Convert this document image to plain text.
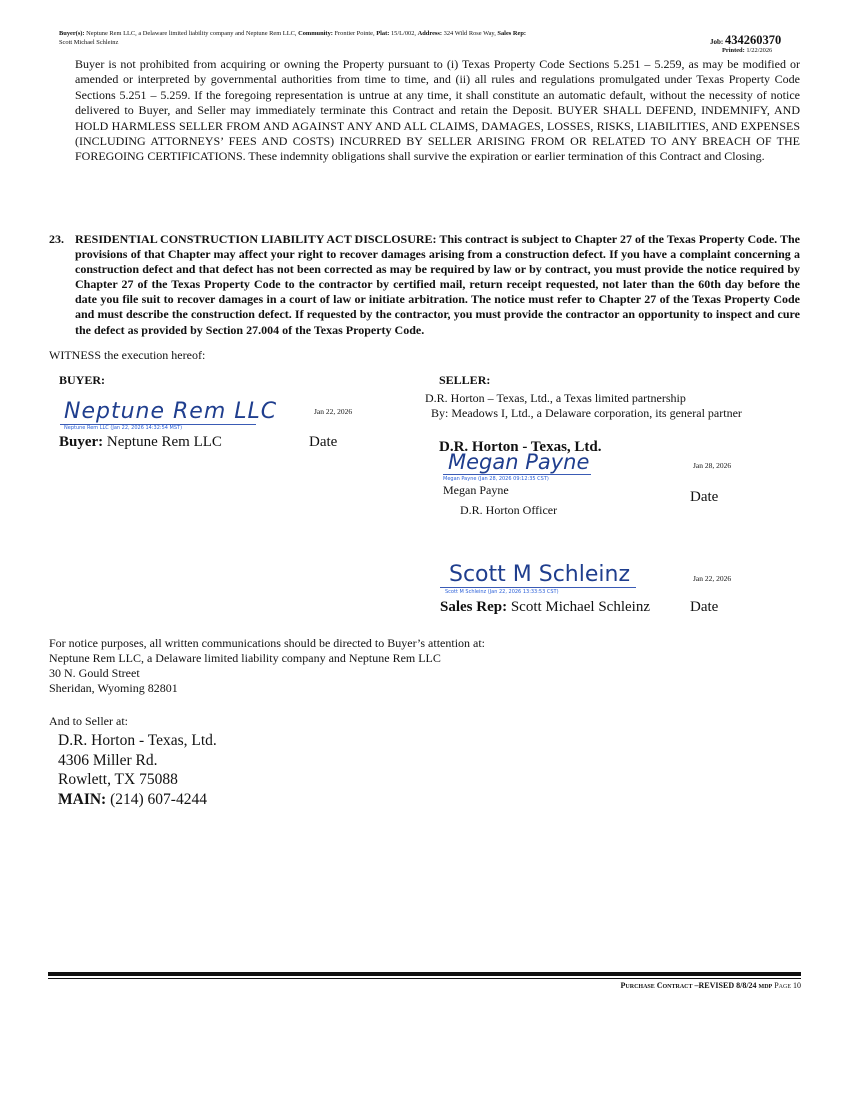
Buyer(s): Neptune Rem LLC, a Delaware limited liability company and Neptune Rem LLC, Community: Frontier Pointe, Plat: 15/L/002, Address: 324 Wild Rose Way, Sales Rep:
Scott Michael Schleinz	Job: 434260370
Printed: 1/22/2026
Buyer is not prohibited from acquiring or owning the Property pursuant to (i) Texas Property Code Sections 5.251 – 5.259, as may be modified or amended or interpreted by governmental authorities from time to time, and (ii) all rules and regulations promulgated under Texas Property Code Sections 5.251 – 5.259. If the foregoing representation is untrue at any time, it shall constitute an automatic default, without the necessity of notice delivered to Buyer, and Seller may immediately terminate this Contract and retain the Deposit. BUYER SHALL DEFEND, INDEMNIFY, AND HOLD HARMLESS SELLER FROM AND AGAINST ANY AND ALL CLAIMS, DAMAGES, LOSSES, RISKS, LIABILITIES, AND EXPENSES (INCLUDING ATTORNEYS’ FEES AND COSTS) INCURRED BY SELLER ARISING FROM OR RELATED TO ANY BREACH OF THE FOREGOING CERTIFICATIONS. These indemnity obligations shall survive the expiration or earlier termination of this Contract and Closing.
23. RESIDENTIAL CONSTRUCTION LIABILITY ACT DISCLOSURE: This contract is subject to Chapter 27 of the Texas Property Code. The provisions of that Chapter may affect your right to recover damages arising from a construction defect. If you have a complaint concerning a construction defect and that defect has not been corrected as may be required by law or by contract, you must provide the notice required by Chapter 27 of the Texas Property Code to the contractor by certified mail, return receipt requested, not later than the 60th day before the date you file suit to recover damages in a court of law or initiate arbitration. The notice must refer to Chapter 27 of the Texas Property Code and must describe the construction defect. If requested by the contractor, you must provide the contractor an opportunity to inspect and cure the defect as provided by Section 27.004 of the Texas Property Code.
WITNESS the execution hereof:
BUYER:
Neptune Rem LLC
Neptune Rem LLC (Jan 22, 2026 14:32:54 MST)
Jan 22, 2026
Buyer: Neptune Rem LLC	Date
SELLER:
D.R. Horton – Texas, Ltd., a Texas limited partnership
By: Meadows I, Ltd., a Delaware corporation, its general partner
D.R. Horton - Texas, Ltd.
Megan Payne
Megan Payne (Jan 28, 2026 09:12:35 CST)
Jan 28, 2026
Megan Payne	Date
D.R. Horton Officer
Scott M Schleinz
Scott M Schleinz (Jan 22, 2026 13:33:53 CST)
Jan 22, 2026
Sales Rep: Scott Michael Schleinz	Date
For notice purposes, all written communications should be directed to Buyer’s attention at:
Neptune Rem LLC, a Delaware limited liability company and Neptune Rem LLC
30 N. Gould Street
Sheridan, Wyoming 82801
And to Seller at:
D.R. Horton - Texas, Ltd.
4306 Miller Rd.
Rowlett, TX 75088
MAIN: (214) 607-4244
Purchase Contract –REVISED 8/8/24 mdp Page 10
